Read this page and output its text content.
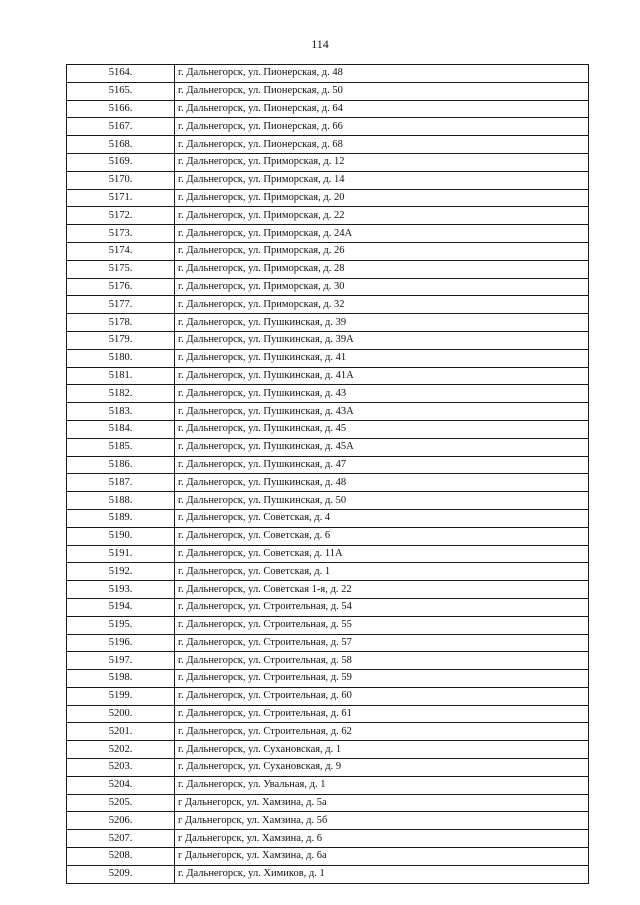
114
5164.	г. Дальнегорск, ул. Пионерская, д. 48
5165.	г. Дальнегорск, ул. Пионерская, д. 50
5166.	г. Дальнегорск, ул. Пионерская, д. 64
5167.	г. Дальнегорск, ул. Пионерская, д. 66
5168.	г. Дальнегорск, ул. Пионерская, д. 68
5169.	г. Дальнегорск, ул. Приморская, д. 12
5170.	г. Дальнегорск, ул. Приморская, д. 14
5171.	г. Дальнегорск, ул. Приморская, д. 20
5172.	г. Дальнегорск, ул. Приморская, д. 22
5173.	г. Дальнегорск, ул. Приморская, д. 24А
5174.	г. Дальнегорск, ул. Приморская, д. 26
5175.	г. Дальнегорск, ул. Приморская, д. 28
5176.	г. Дальнегорск, ул. Приморская, д. 30
5177.	г. Дальнегорск, ул. Приморская, д. 32
5178.	г. Дальнегорск, ул. Пушкинская, д. 39
5179.	г. Дальнегорск, ул. Пушкинская, д. 39А
5180.	г. Дальнегорск, ул. Пушкинская, д. 41
5181.	г. Дальнегорск, ул. Пушкинская, д. 41А
5182.	г. Дальнегорск, ул. Пушкинская, д. 43
5183.	г. Дальнегорск, ул. Пушкинская, д. 43А
5184.	г. Дальнегорск, ул. Пушкинская, д. 45
5185.	г. Дальнегорск, ул. Пушкинская, д. 45А
5186.	г. Дальнегорск, ул. Пушкинская, д. 47
5187.	г. Дальнегорск, ул. Пушкинская, д. 48
5188.	г. Дальнегорск, ул. Пушкинская, д. 50
5189.	г. Дальнегорск, ул. Советская, д. 4
5190.	г. Дальнегорск, ул. Советская, д. 6
5191.	г. Дальнегорск, ул. Советская, д. 11А
5192.	г. Дальнегорск, ул. Советская, д. 1
5193.	г. Дальнегорск, ул. Советская 1-я, д. 22
5194.	г. Дальнегорск, ул. Строительная, д. 54
5195.	г. Дальнегорск, ул. Строительная, д. 55
5196.	г. Дальнегорск, ул. Строительная, д. 57
5197.	г. Дальнегорск, ул. Строительная, д. 58
5198.	г. Дальнегорск, ул. Строительная, д. 59
5199.	г. Дальнегорск, ул. Строительная, д. 60
5200.	г. Дальнегорск, ул. Строительная, д. 61
5201.	г. Дальнегорск, ул. Строительная, д. 62
5202.	г. Дальнегорск, ул. Сухановская, д. 1
5203.	г. Дальнегорск, ул. Сухановская, д. 9
5204.	г. Дальнегорск, ул. Увальная, д. 1
5205.	г Дальнегорск, ул. Хамзина, д. 5а
5206.	г Дальнегорск, ул. Хамзина, д. 5б
5207.	г Дальнегорск, ул. Хамзина, д. 6
5208.	г Дальнегорск, ул. Хамзина, д. 6а
5209.	г. Дальнегорск, ул. Химиков, д. 1
